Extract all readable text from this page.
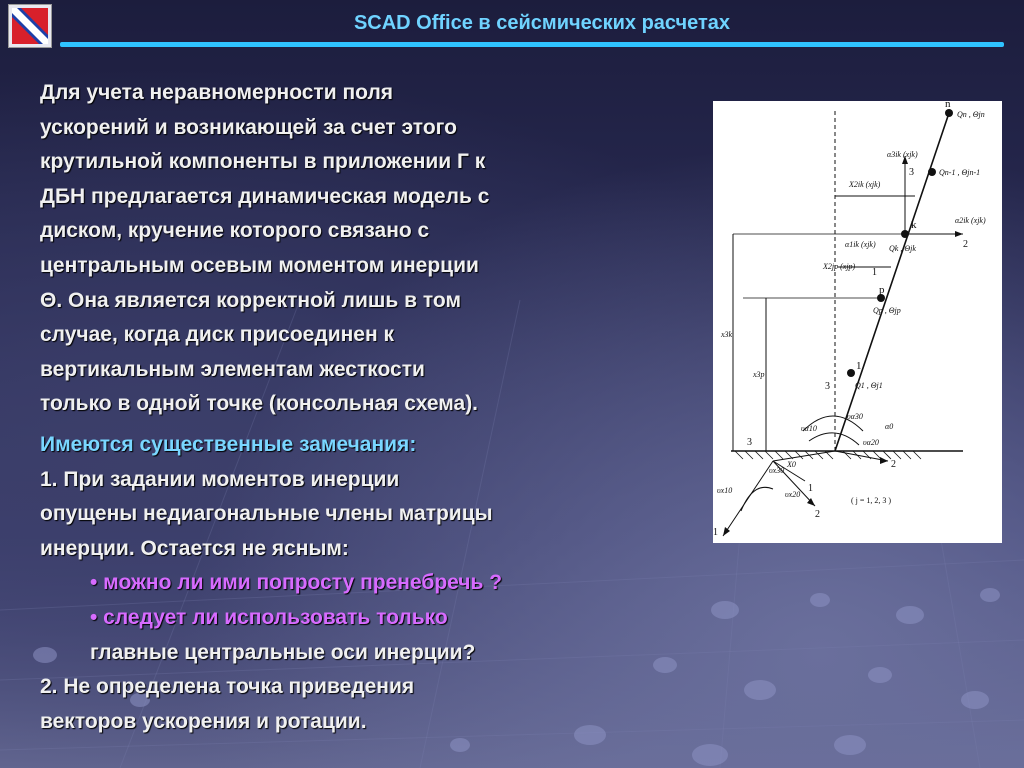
SCAD Office в сейсмических расчетах

Для учета неравномерности поля

ускорений и возникающей за счет этого

крутильной компоненты в приложении Г к

ДБН предлагается динамическая модель с

диском, кручение которого связано с

центральным осевым моментом инерции

Θ. Она является корректной лишь в том

случае, когда диск присоединен к

вертикальным элементам жесткости

только в одной точке (консольная схема).

Имеются существенные замечания:

1. При задании моментов инерции

опущены недиагональные члены матрицы

инерции. Остается не ясным:

• можно ли ими попросту пренебречь ?

• следует ли использовать только

главные центральные оси инерции?

2. Не определена точка приведения

векторов ускорения и ротации.

n
k
p
1
Qn , Θjn
Qn-1 , Θjn-1
Qk , Θjk
Qp , Θjp
Q1 , Θj1
α3ik (xjk)
X2ik (xjk)
α2ik (xjk)
α1ik (xjk)
X2jp (xjp)
x3k
x3p
υα10
υα30
α0
υα20
υx30
X0
υx10	υx20
( j = 1, 2, 3 )
3
2
1
3
3
2
1
2
1
